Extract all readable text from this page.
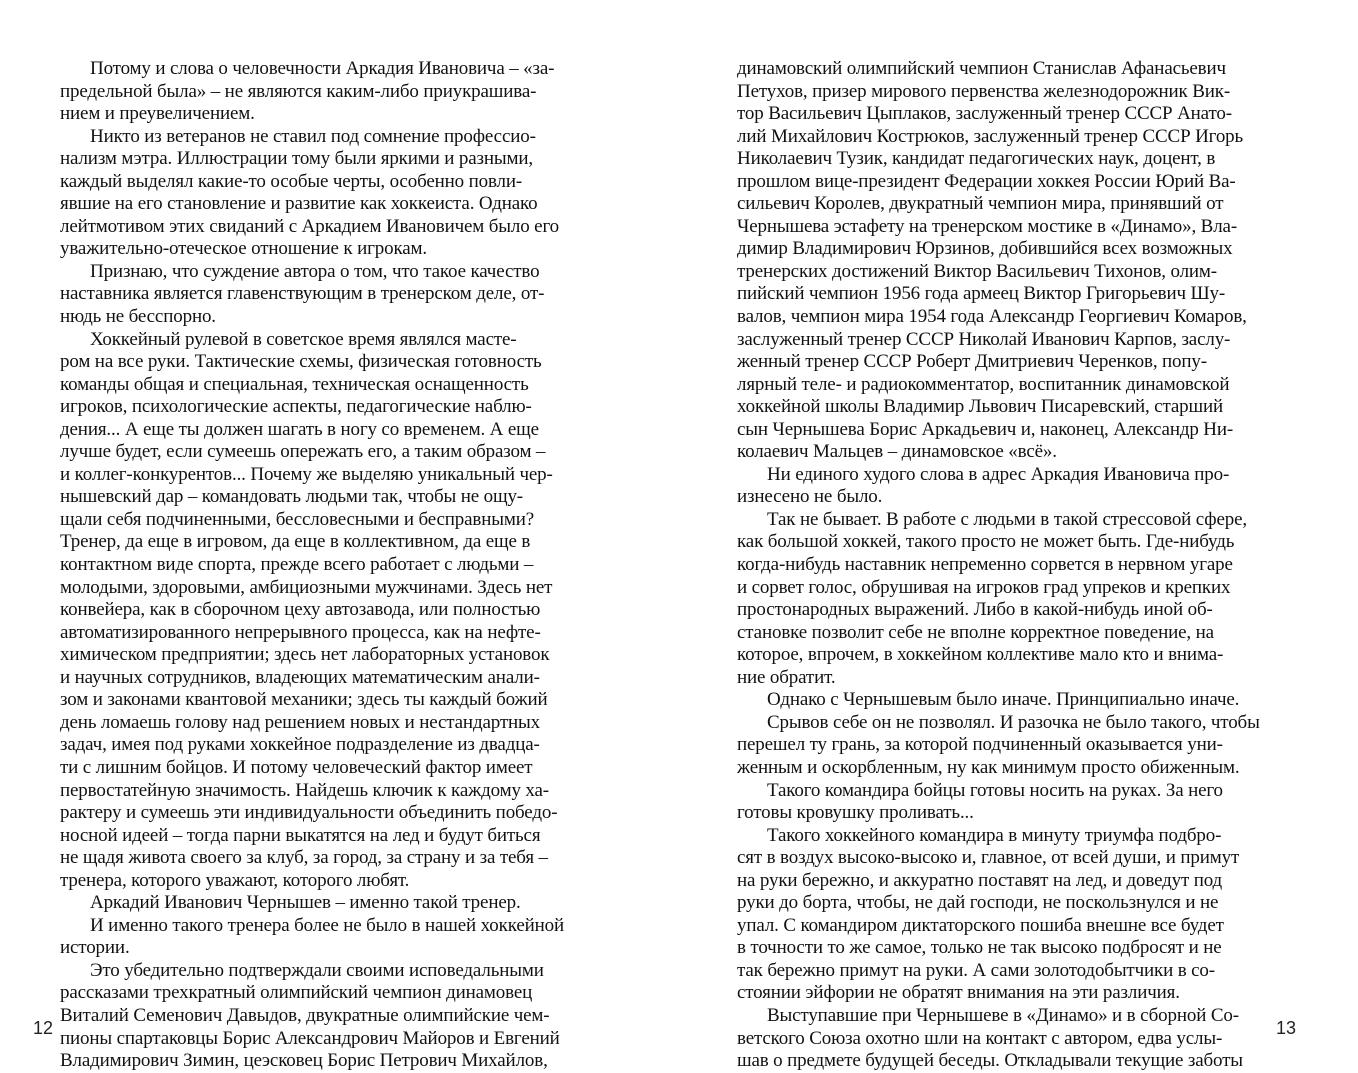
Потому и слова о человечности Аркадия Ивановича – «за-
предельной была» – не являются каким-либо приукрашива-
нием и преувеличением.
Никто из ветеранов не ставил под сомнение профессио-
нализм мэтра. Иллюстрации тому были яркими и разными,
каждый выделял какие-то особые черты, особенно повли-
явшие на его становление и развитие как хоккеиста. Однако
лейтмотивом этих свиданий с Аркадием Ивановичем было его
уважительно-отеческое отношение к игрокам.
Признаю, что суждение автора о том, что такое качество
наставника является главенствующим в тренерском деле, от-
нюдь не бесспорно.
Хоккейный рулевой в советское время являлся масте-
ром на все руки. Тактические схемы, физическая готовность
команды общая и специальная, техническая оснащенность
игроков, психологические аспекты, педагогические наблю-
дения... А еще ты должен шагать в ногу со временем. А еще
лучше будет, если сумеешь опережать его, а таким образом –
и коллег-конкурентов... Почему же выделяю уникальный чер-
нышевский дар – командовать людьми так, чтобы не ощу-
щали себя подчиненными, бессловесными и бесправными?
Тренер, да еще в игровом, да еще в коллективном, да еще в
контактном виде спорта, прежде всего работает с людьми –
молодыми, здоровыми, амбициозными мужчинами. Здесь нет
конвейера, как в сборочном цеху автозавода, или полностью
автоматизированного непрерывного процесса, как на нефте-
химическом предприятии; здесь нет лабораторных установок
и научных сотрудников, владеющих математическим анали-
зом и законами квантовой механики; здесь ты каждый божий
день ломаешь голову над решением новых и нестандартных
задач, имея под руками хоккейное подразделение из двадца-
ти с лишним бойцов. И потому человеческий фактор имеет
первостатейную значимость. Найдешь ключик к каждому ха-
рактеру и сумеешь эти индивидуальности объединить победо-
носной идеей – тогда парни выкатятся на лед и будут биться
не щадя живота своего за клуб, за город, за страну и за тебя –
тренера, которого уважают, которого любят.
Аркадий Иванович Чернышев – именно такой тренер.
И именно такого тренера более не было в нашей хоккейной
истории.
Это убедительно подтверждали своими исповедальными
рассказами трехкратный олимпийский чемпион динамовец
Виталий Семенович Давыдов, двукратные олимпийские чем-
пионы спартаковцы Борис Александрович Майоров и Евгений
Владимирович Зимин, цеэсковец Борис Петрович Михайлов,
динамовский олимпийский чемпион Станислав Афанасьевич
Петухов, призер мирового первенства железнодорожник Вик-
тор Васильевич Цыплаков, заслуженный тренер СССР Анато-
лий Михайлович Кострюков, заслуженный тренер СССР Игорь
Николаевич Тузик, кандидат педагогических наук, доцент, в
прошлом вице-президент Федерации хоккея России Юрий Ва-
сильевич Королев, двукратный чемпион мира, принявший от
Чернышева эстафету на тренерском мостике в «Динамо», Вла-
димир Владимирович Юрзинов, добившийся всех возможных
тренерских достижений Виктор Васильевич Тихонов, олим-
пийский чемпион 1956 года армеец Виктор Григорьевич Шу-
валов, чемпион мира 1954 года Александр Георгиевич Комаров,
заслуженный тренер СССР Николай Иванович Карпов, заслу-
женный тренер СССР Роберт Дмитриевич Черенков, попу-
лярный теле- и радиокомментатор, воспитанник динамовской
хоккейной школы Владимир Львович Писаревский, старший
сын Чернышева Борис Аркадьевич и, наконец, Александр Ни-
колаевич Мальцев – динамовское «всё».
Ни единого худого слова в адрес Аркадия Ивановича про-
изнесено не было.
Так не бывает. В работе с людьми в такой стрессовой сфере,
как большой хоккей, такого просто не может быть. Где-нибудь
когда-нибудь наставник непременно сорвется в нервном угаре
и сорвет голос, обрушивая на игроков град упреков и крепких
простонародных выражений. Либо в какой-нибудь иной об-
становке позволит себе не вполне корректное поведение, на
которое, впрочем, в хоккейном коллективе мало кто и внима-
ние обратит.
Однако с Чернышевым было иначе. Принципиально иначе.
Срывов себе он не позволял. И разочка не было такого, чтобы
перешел ту грань, за которой подчиненный оказывается уни-
женным и оскорбленным, ну как минимум просто обиженным.
Такого командира бойцы готовы носить на руках. За него
готовы кровушку проливать...
Такого хоккейного командира в минуту триумфа подбро-
сят в воздух высоко-высоко и, главное, от всей души, и примут
на руки бережно, и аккуратно поставят на лед, и доведут под
руки до борта, чтобы, не дай господи, не поскользнулся и не
упал. С командиром диктаторского пошиба внешне все будет
в точности то же самое, только не так высоко подбросят и не
так бережно примут на руки. А сами золотодобытчики в со-
стоянии эйфории не обратят внимания на эти различия.
Выступавшие при Чернышеве в «Динамо» и в сборной Со-
ветского Союза охотно шли на контакт с автором, едва услы-
шав о предмете будущей беседы. Откладывали текущие заботы
12	13
